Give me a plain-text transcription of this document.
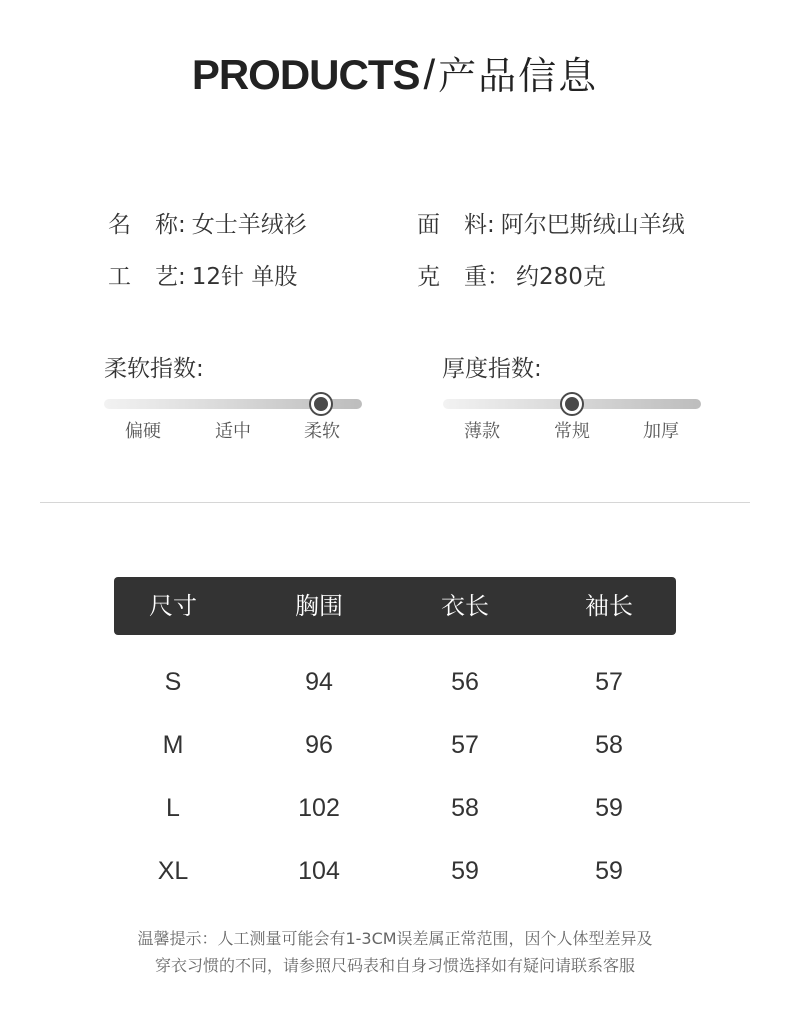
PRODUCTS/ 产品信息
名 称: 女士羊绒衫	面 料: 阿尔巴斯绒山羊绒
工 艺: 12针 单股	克 重： 约280克
柔软指数:
偏硬	适中	柔软
厚度指数:
薄款	常规	加厚
尺寸	胸围	衣长	袖长
S	94	56	57
M	96	57	58
L	102	58	59
XL	104	59	59
温馨提示：人工测量可能会有1-3CM误差属正常范围，因个人体型差异及
穿衣习惯的不同，请参照尺码表和自身习惯选择如有疑问请联系客服
